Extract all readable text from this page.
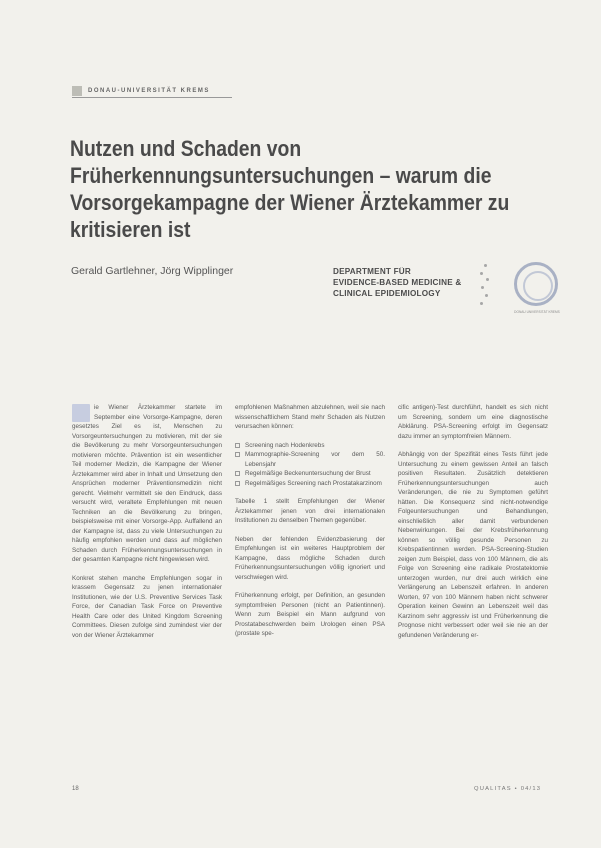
DONAU-UNIVERSITÄT KREMS
Nutzen und Schaden von Früherkennungsuntersuchungen – warum die Vorsorgekampagne der Wiener Ärztekammer zu kritisieren ist
Gerald Gartlehner, Jörg Wipplinger	DEPARTMENT FÜR
EVIDENCE-BASED MEDICINE &
CLINICAL EPIDEMIOLOGY
DONAU UNIVERSITÄT KREMS

ie Wiener Ärztekammer startete im September eine Vorsorge-Kampagne, deren gesetztes Ziel es ist, Menschen zu Vorsorgeuntersuchungen zu motivieren, mit der sie die Bevölkerung zu mehr Vorsorgeuntersuchungen motivieren möchte. Prävention ist ein wesentlicher Teil moderner Medizin, die Kampagne der Wiener Ärztekammer wird aber in Inhalt und Umsetzung den Ansprüchen moderner Präventionsmedizin nicht gerecht. Vielmehr vermittelt sie den Eindruck, dass versucht wird, veraltete Empfehlungen mit neuen Techniken an die Bevölkerung zu bringen, beispielsweise mit einer Vorsorge-App. Auffallend an der Kampagne ist, dass zu viele Untersuchungen zu häufig empfohlen werden und dass auf möglichen Schaden durch Früherkennungsuntersuchungen in der gesamten Kampagne nicht hingewiesen wird.

Konkret stehen manche Empfehlungen sogar in krassem Gegensatz zu jenen internationaler Institutionen, wie der U.S. Preventive Services Task Force, der Canadian Task Force on Preventive Health Care oder des United Kingdom Screening Committees. Diesen zufolge sind zumindest vier der von der Wiener Ärztekammer

empfohlenen Maßnahmen abzulehnen, weil sie nach wissenschaftlichem Stand mehr Schaden als Nutzen verursachen können:

Screening nach Hodenkrebs
Mammographie-Screening vor dem 50. Lebensjahr
Regelmäßige Beckenuntersuchung der Brust
Regelmäßiges Screening nach Prostatakarzinom

Tabelle 1 stellt Empfehlungen der Wiener Ärztekammer jenen von drei internationalen Institutionen zu denselben Themen gegenüber.

Neben der fehlenden Evidenzbasierung der Empfehlungen ist ein weiteres Hauptproblem der Kampagne, dass mögliche Schaden durch Früherkennungsuntersuchungen völlig ignoriert und verschwiegen wird.

Früherkennung erfolgt, per Definition, an gesunden symptomfreien Personen (nicht an Patientinnen). Wenn zum Beispiel ein Mann aufgrund von Prostatabeschwerden beim Urologen einen PSA (prostate spe-

cific antigen)-Test durchführt, handelt es sich nicht um Screening, sondern um eine diagnostische Abklärung. PSA-Screening erfolgt im Gegensatz dazu immer an symptomfreien Männern.

Abhängig von der Spezifität eines Tests führt jede Untersuchung zu einem gewissen Anteil an falsch positiven Resultaten. Zusätzlich detektieren Früherkennungsuntersuchungen auch Veränderungen, die nie zu Symptomen geführt hätten. Die Konsequenz sind nicht-notwendige Folgeuntersuchungen und Behandlungen, einschließlich aller damit verbundenen Nebenwirkungen. Bei der Krebsfrüherkennung können so völlig gesunde Personen zu Krebspatientinnen werden. PSA-Screening-Studien zeigen zum Beispiel, dass von 100 Männern, die als Folge von Screening eine radikale Prostatektomie unterzogen wurden, nur drei auch wirklich eine Verlängerung an Lebenszeit erfahren. In anderen Worten, 97 von 100 Männern haben nicht schwerer Operation keinen Gewinn an Lebenszeit weil das Karzinom sehr aggressiv ist und Früherkennung die Prognose nicht verbessert oder weil sie nie an der gefundenen Veränderung er-

18	QUALITAS • 04/13
